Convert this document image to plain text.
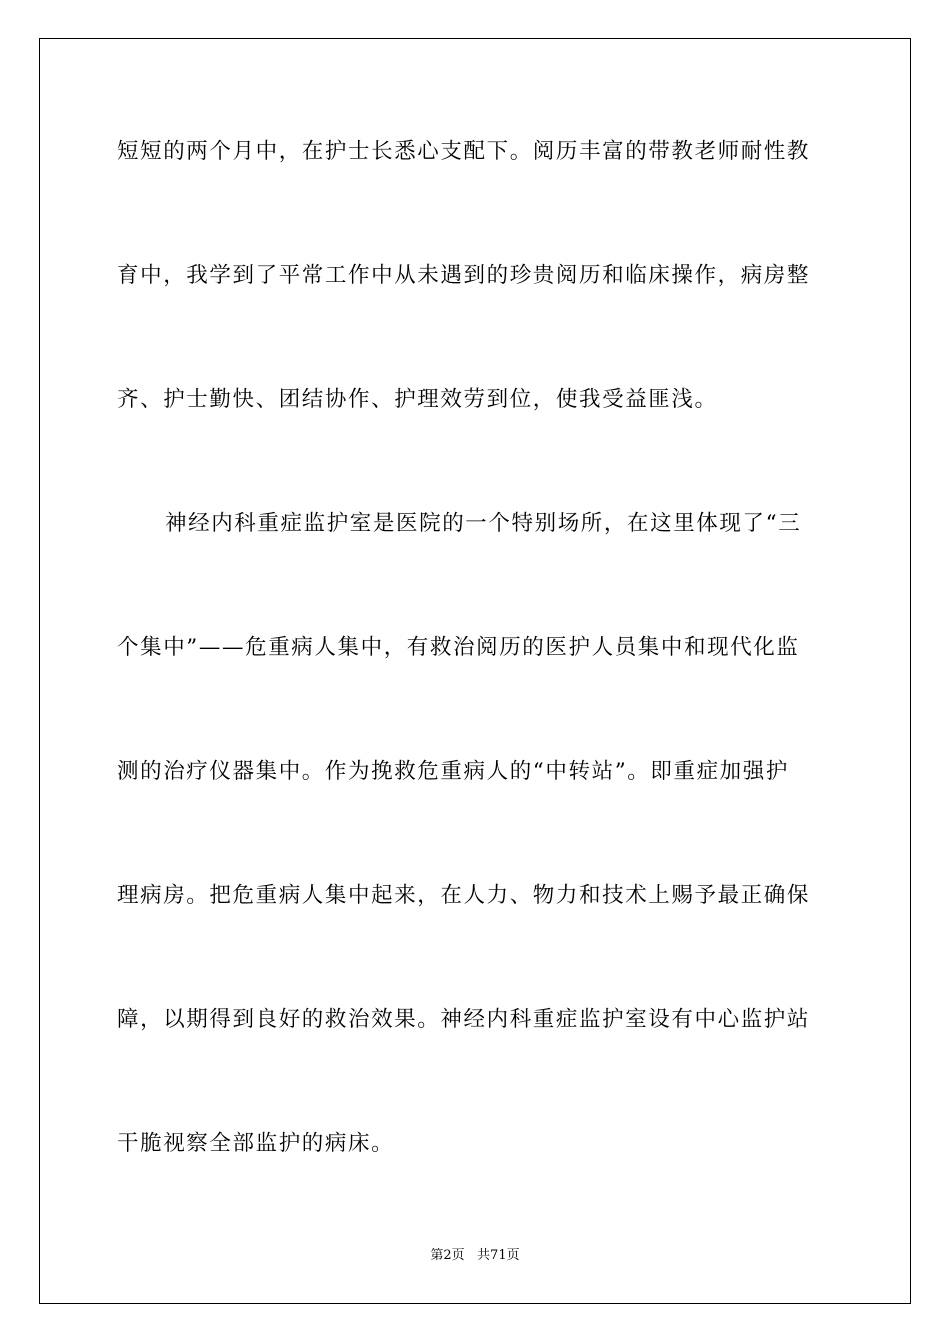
短短的两个月中，在护士长悉心支配下。阅历丰富的带教老师耐性教
育中，我学到了平常工作中从未遇到的珍贵阅历和临床操作，病房整
齐、护士勤快、团结协作、护理效劳到位，使我受益匪浅。
神经内科重症监护室是医院的一个特别场所，在这里体现了“三
个集中”——危重病人集中，有救治阅历的医护人员集中和现代化监
测的治疗仪器集中。作为挽救危重病人的“中转站”。即重症加强护
理病房。把危重病人集中起来，在人力、物力和技术上赐予最正确保
障，以期得到良好的救治效果。神经内科重症监护室设有中心监护站
干脆视察全部监护的病床。
第2页   共71页
